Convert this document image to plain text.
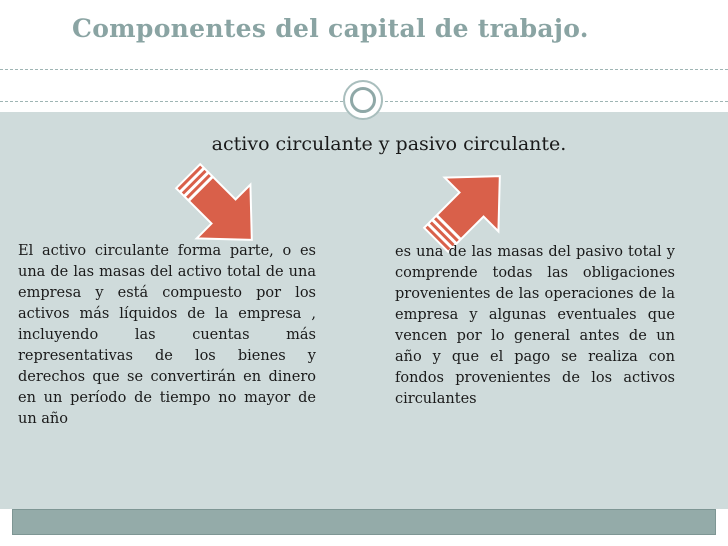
Componentes del capital de trabajo.
activo circulante y pasivo circulante.

El activo circulante forma parte, o es una de las masas del activo total de una empresa y está compuesto por los activos más líquidos de la empresa , incluyendo las cuentas más representativas de los bienes y derechos que se convertirán en dinero en un período de tiempo no mayor de un año

es una de las masas del pasivo total y comprende todas las obligaciones provenientes de las operaciones de la empresa y algunas eventuales que vencen por lo general antes de un año y que el pago se realiza con fondos provenientes de los activos circulantes
